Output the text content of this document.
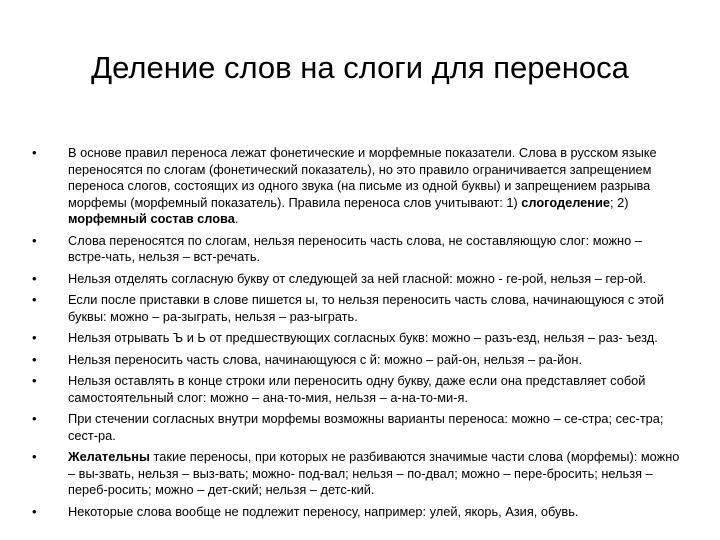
Деление слов на слоги для переноса
•	В основе правил переноса лежат фонетические и морфемные показатели. Слова в русском языке переносятся по слогам (фонетический показатель), но это правило ограничивается запрещением переноса слогов, состоящих из одного звука (на письме из одной буквы) и запрещением разрыва морфемы (морфемный показатель). Правила переноса слов учитывают: 1) слогоделение; 2) морфемный состав слова.
•	Слова переносятся по слогам, нельзя переносить часть слова, не составляющую слог: можно – встре-чать, нельзя – вст-речать.
•	Нельзя отделять согласную букву от следующей за ней гласной: можно - ге-рой, нельзя – гер-ой.
•	Если после приставки в слове пишется ы, то нельзя переносить часть слова, начинающуюся с этой буквы: можно – ра-зыграть, нельзя – раз-ыграть.
•	Нельзя отрывать Ъ и Ь от предшествующих согласных букв: можно – разъ-езд, нельзя – раз- ъезд.
•	Нельзя переносить часть слова, начинающуюся с й: можно – рай-он, нельзя – ра-йон.
•	Нельзя оставлять в конце строки или переносить одну букву, даже если она представляет собой самостоятельный слог: можно – ана-то-мия, нельзя – а-на-то-ми-я.
•	При стечении согласных внутри морфемы возможны варианты переноса: можно – се-стра; сес-тра; сест-ра.
•	Желательны такие переносы, при которых не разбиваются значимые части слова (морфемы): можно – вы-звать, нельзя – выз-вать; можно- под-вал; нельзя – по-двал; можно – пере-бросить; нельзя – переб-росить; можно – дет-ский; нельзя – детс-кий.
•	Некоторые слова вообще не подлежит переносу, например: улей, якорь, Азия, обувь.
